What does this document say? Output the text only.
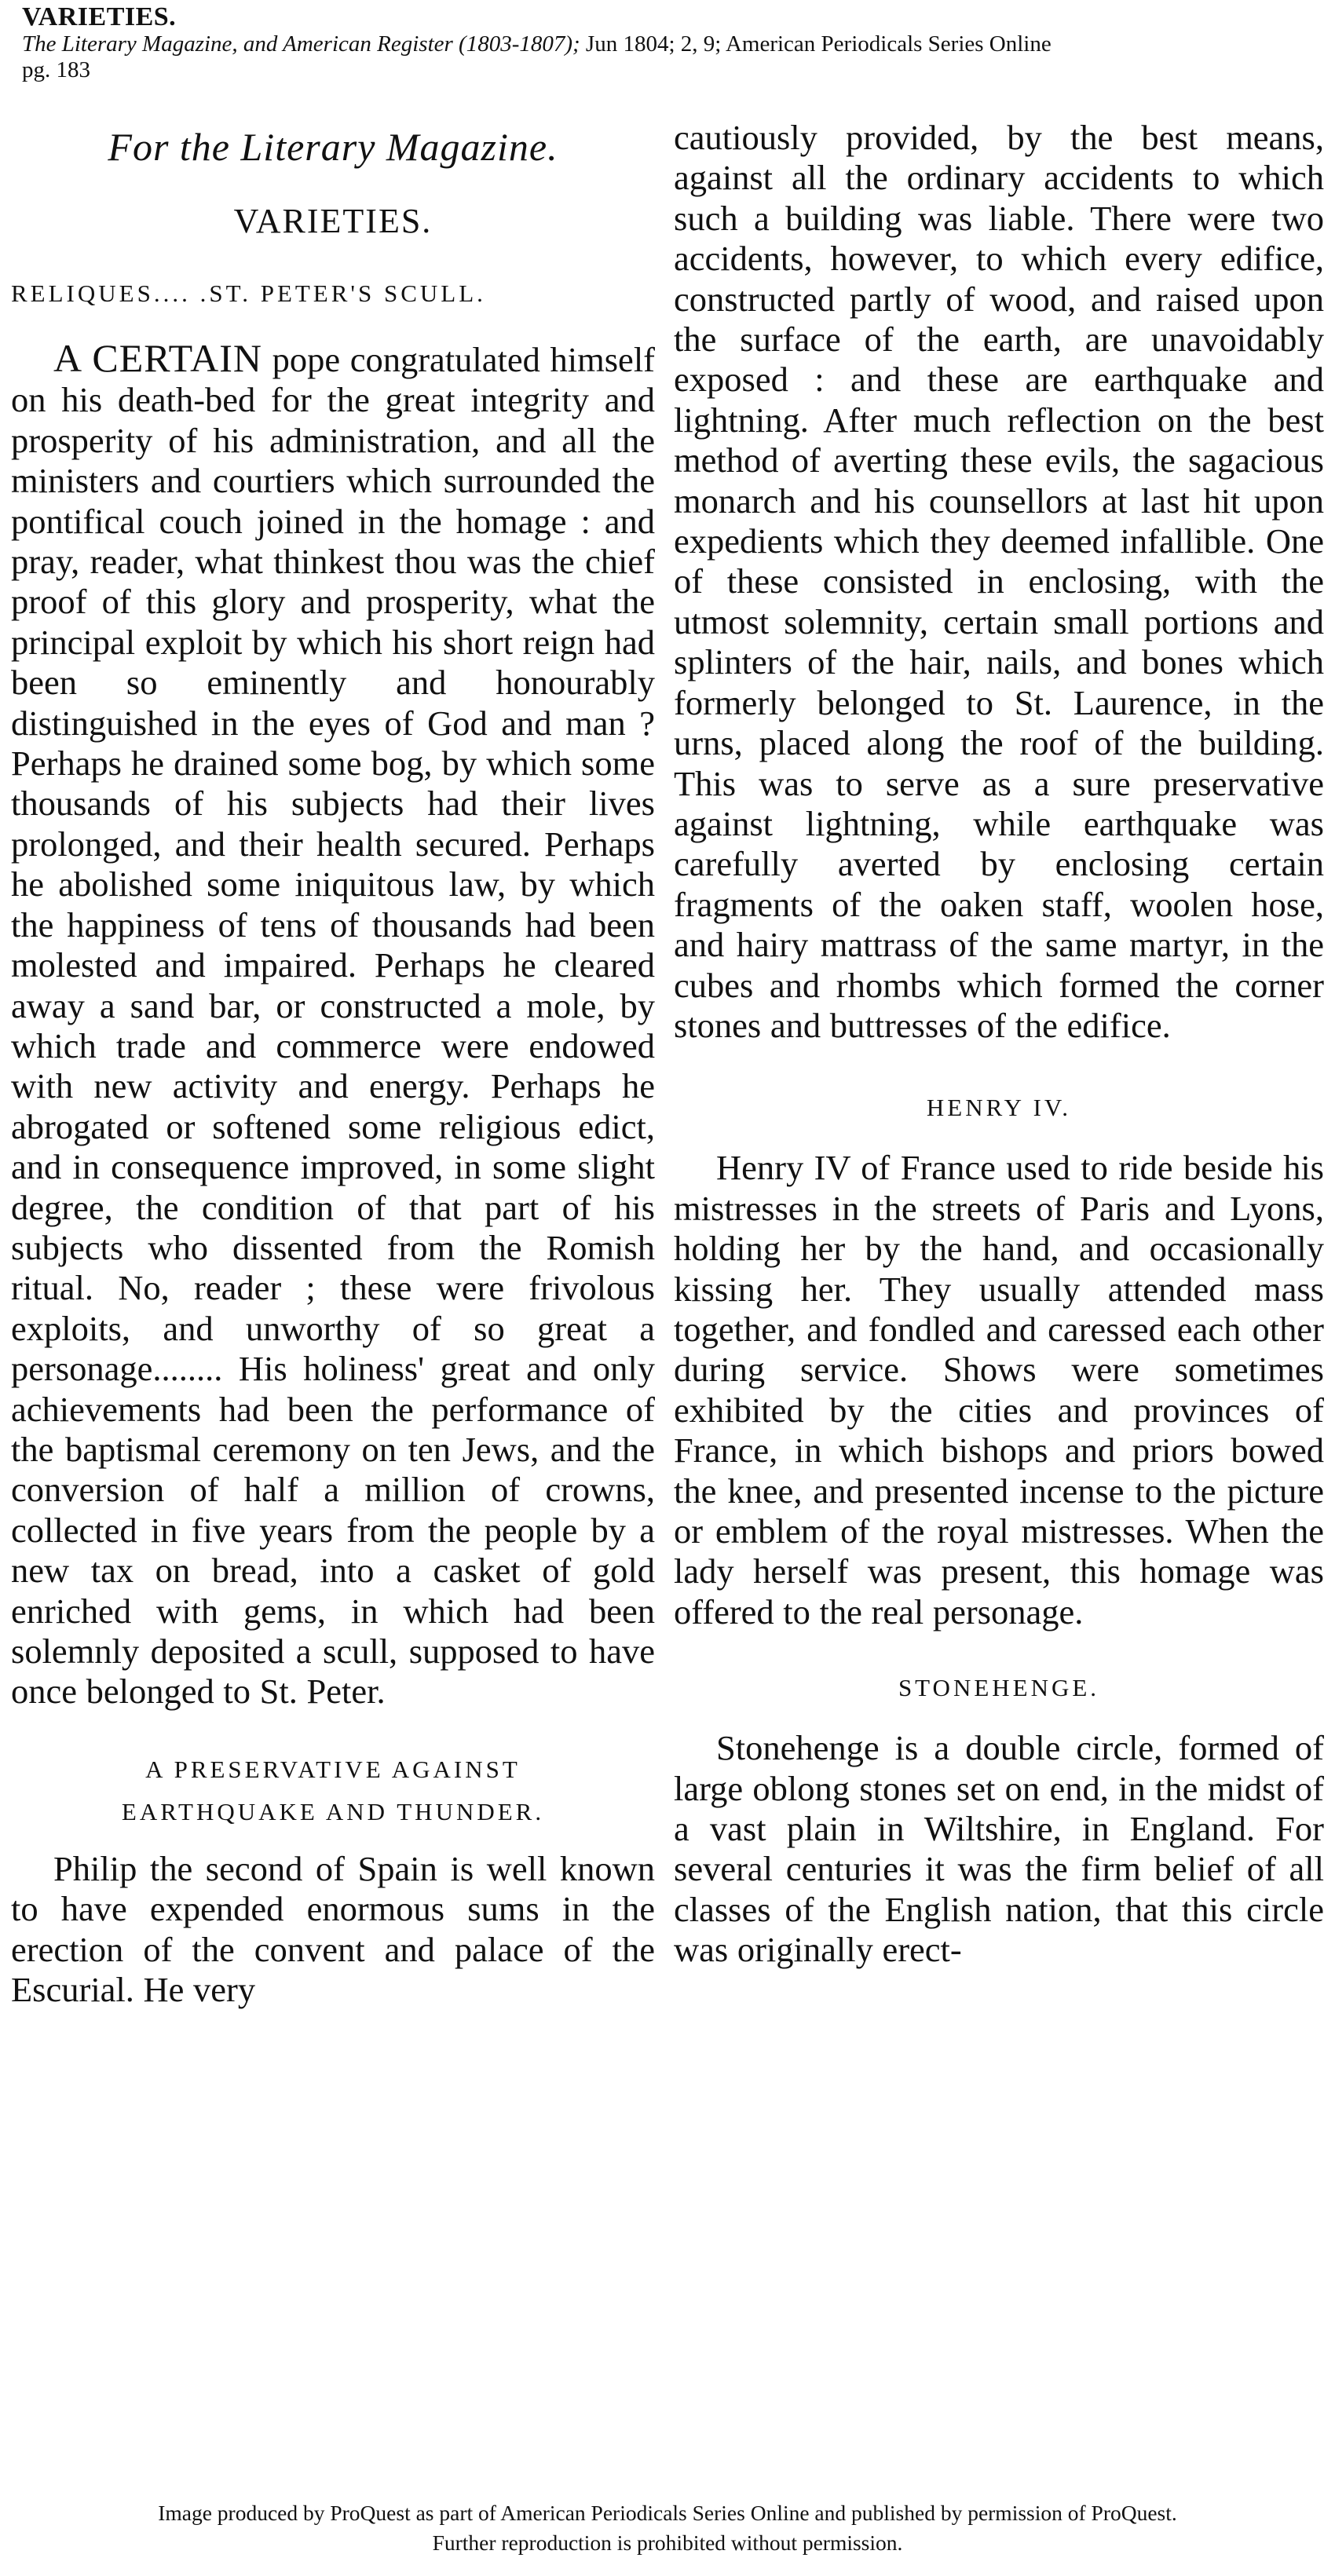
VARIETIES.
The Literary Magazine, and American Register (1803-1807); Jun 1804; 2, 9; American Periodicals Series Online
pg. 183
For the Literary Magazine.
VARIETIES.
RELIQUES.... .ST. PETER'S SCULL.

A CERTAIN pope congratulated himself on his death-bed for the great integrity and prosperity of his administration, and all the ministers and courtiers which surrounded the pontifical couch joined in the homage : and pray, reader, what thinkest thou was the chief proof of this glory and prosperity, what the principal exploit by which his short reign had been so eminently and honourably distinguished in the eyes of God and man ? Perhaps he drained some bog, by which some thousands of his subjects had their lives prolonged, and their health secured. Perhaps he abolished some iniquitous law, by which the happiness of tens of thousands had been molested and impaired. Perhaps he cleared away a sand bar, or constructed a mole, by which trade and commerce were endowed with new activity and energy. Perhaps he abrogated or softened some religious edict, and in consequence improved, in some slight degree, the condition of that part of his subjects who dissented from the Romish ritual. No, reader ; these were frivolous exploits, and unworthy of so great a personage........ His holiness' great and only achievements had been the performance of the baptismal ceremony on ten Jews, and the conversion of half a million of crowns, collected in five years from the people by a new tax on bread, into a casket of gold enriched with gems, in which had been solemnly deposited a scull, supposed to have once belonged to St. Peter.

A PRESERVATIVE AGAINST
EARTHQUAKE AND THUNDER.

Philip the second of Spain is well known to have expended enormous sums in the erection of the convent and palace of the Escurial. He very

cautiously provided, by the best means, against all the ordinary accidents to which such a building was liable. There were two accidents, however, to which every edifice, constructed partly of wood, and raised upon the surface of the earth, are unavoidably exposed : and these are earthquake and lightning. After much reflection on the best method of averting these evils, the sagacious monarch and his counsellors at last hit upon expedients which they deemed infallible. One of these consisted in enclosing, with the utmost solemnity, certain small portions and splinters of the hair, nails, and bones which formerly belonged to St. Laurence, in the urns, placed along the roof of the building. This was to serve as a sure preservative against lightning, while earthquake was carefully averted by enclosing certain fragments of the oaken staff, woolen hose, and hairy mattrass of the same martyr, in the cubes and rhombs which formed the corner stones and buttresses of the edifice.

HENRY IV.

Henry IV of France used to ride beside his mistresses in the streets of Paris and Lyons, holding her by the hand, and occasionally kissing her. They usually attended mass together, and fondled and caressed each other during service. Shows were sometimes exhibited by the cities and provinces of France, in which bishops and priors bowed the knee, and presented incense to the picture or emblem of the royal mistresses. When the lady herself was present, this homage was offered to the real personage.

STONEHENGE.

Stonehenge is a double circle, formed of large oblong stones set on end, in the midst of a vast plain in Wiltshire, in England. For several centuries it was the firm belief of all classes of the English nation, that this circle was originally erect-

Image produced by ProQuest as part of American Periodicals Series Online and published by permission of ProQuest.
Further reproduction is prohibited without permission.
